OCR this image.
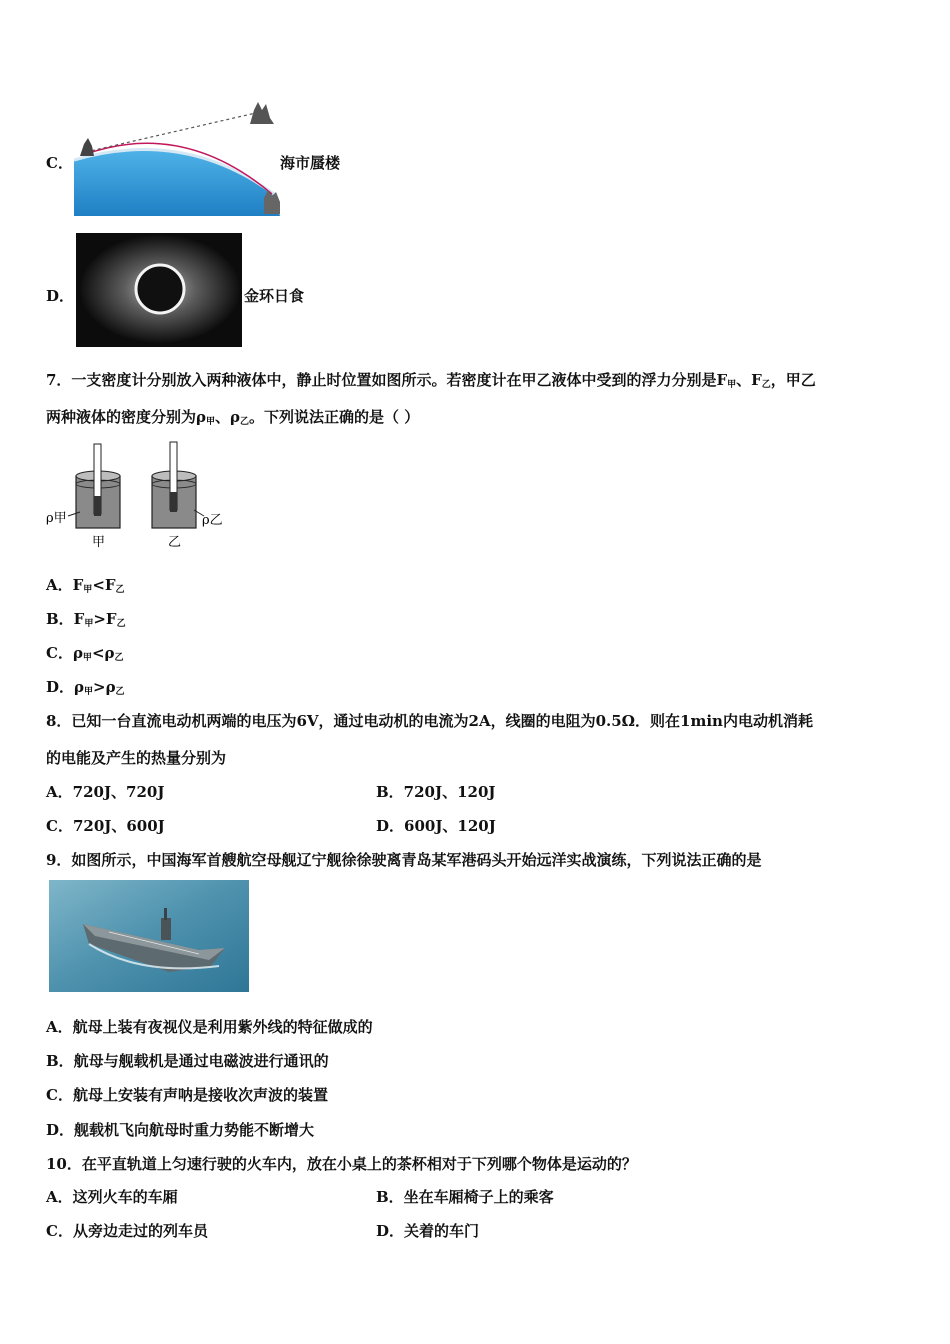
C．	海市蜃楼
D．	金环日食
7．一支密度计分别放入两种液体中，静止时位置如图所示。若密度计在甲乙液体中受到的浮力分别是$F_甲$、$F_乙$，甲乙
两种液体的密度分别为$\rho_甲$、$\rho_乙$。下列说法正确的是（ ）
ρ甲	ρ乙
甲	乙
A．$F_甲<F_乙$
B．$F_甲>F_乙$
C．$\rho_甲<\rho_乙$
D．$\rho_甲>\rho_乙$
8．已知一台直流电动机两端的电压为6V，通过电动机的电流为2A，线圈的电阻为0.5Ω．则在1min内电动机消耗
的电能及产生的热量分别为
A．720J、720J	B．720J、120J
C．720J、600J	D．600J、120J
9．如图所示，中国海军首艘航空母舰辽宁舰徐徐驶离青岛某军港码头开始远洋实战演练，下列说法正确的是
A．航母上装有夜视仪是利用紫外线的特征做成的
B．航母与舰载机是通过电磁波进行通讯的
C．航母上安装有声呐是接收次声波的装置
D．舰载机飞向航母时重力势能不断增大
10．在平直轨道上匀速行驶的火车内，放在小桌上的茶杯相对于下列哪个物体是运动的？
A．这列火车的车厢	B．坐在车厢椅子上的乘客
C．从旁边走过的列车员	D．关着的车门
